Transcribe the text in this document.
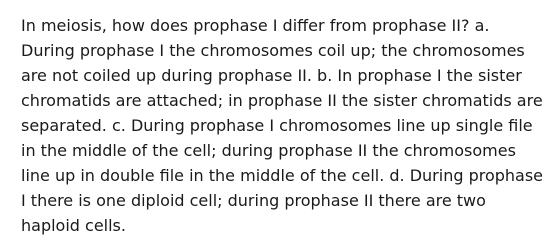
In meiosis, how does prophase I differ from prophase II? a.
During prophase I the chromosomes coil up; the chromosomes
are not coiled up during prophase II. b. In prophase I the sister
chromatids are attached; in prophase II the sister chromatids are
separated. c. During prophase I chromosomes line up single file
in the middle of the cell; during prophase II the chromosomes
line up in double file in the middle of the cell. d. During prophase
I there is one diploid cell; during prophase II there are two
haploid cells.
